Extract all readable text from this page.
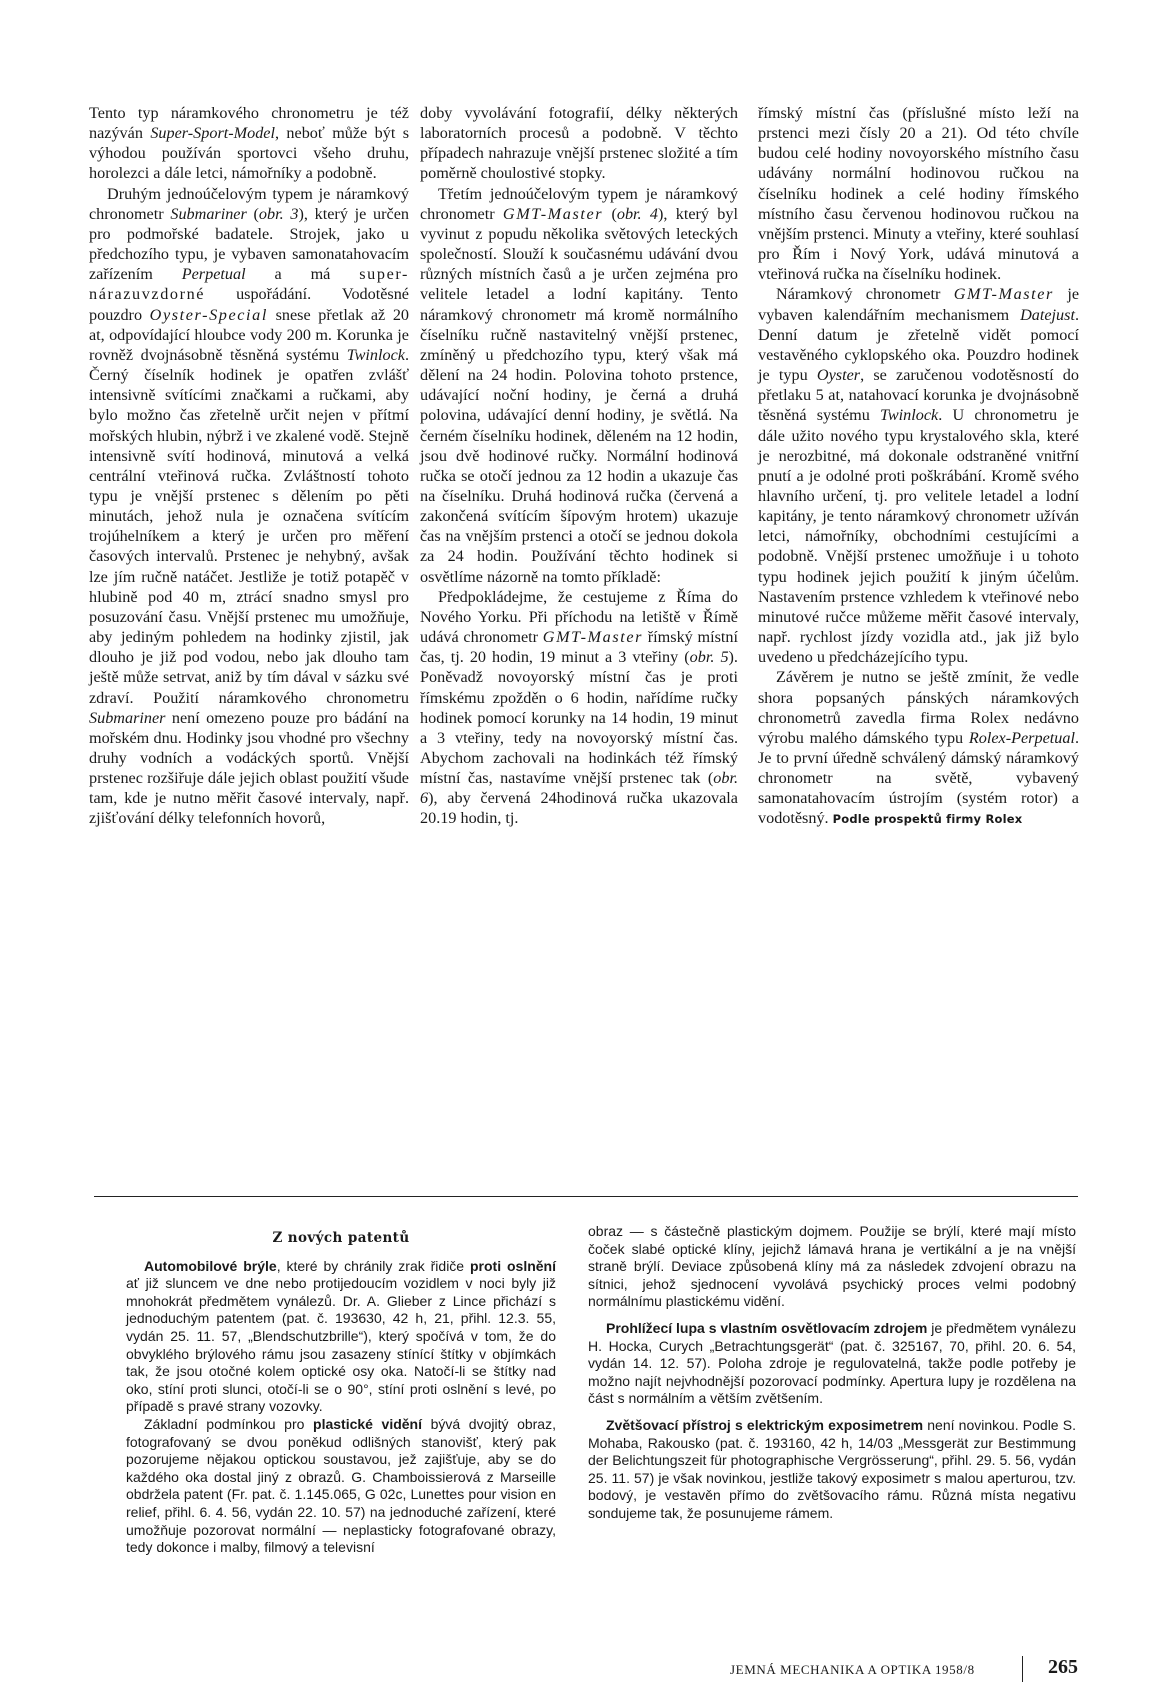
Tento typ náramkového chronometru je též nazýván Super-Sport-Model, neboť může být s výhodou používán sportovci všeho druhu, horolezci a dále letci, námořníky a podobně.

Druhým jednoúčelovým typem je náramkový chronometr Submariner (obr. 3), který je určen pro podmořské badatele. Strojek, jako u předchozího typu, je vybaven samonatahovacím zařízením Perpetual a má super-nárazuvzdorné uspořádání. Vodotěsné pouzdro Oyster-Special snese přetlak až 20 at, odpovídající hloubce vody 200 m. Korunka je rovněž dvojnásobně těsněná systému Twinlock. Černý číselník hodinek je opatřen zvlášť intensivně svítícími značkami a ručkami, aby bylo možno čas zřetelně určit nejen v přítmí mořských hlubin, nýbrž i ve zkalené vodě. Stejně intensivně svítí hodinová, minutová a velká centrální vteřinová ručka. Zvláštností tohoto typu je vnější prstenec s dělením po pěti minutách, jehož nula je označena svítícím trojúhelníkem a který je určen pro měření časových intervalů. Prstenec je nehybný, avšak lze jím ručně natáčet. Jestliže je totiž potapěč v hlubině pod 40 m, ztrácí snadno smysl pro posuzování času. Vnější prstenec mu umožňuje, aby jediným pohledem na hodinky zjistil, jak dlouho je již pod vodou, nebo jak dlouho tam ještě může setrvat, aniž by tím dával v sázku své zdraví. Použití náramkového chronometru Submariner není omezeno pouze pro bádání na mořském dnu. Hodinky jsou vhodné pro všechny druhy vodních a vodáckých sportů. Vnější prstenec rozšiřuje dále jejich oblast použití všude tam, kde je nutno měřit časové intervaly, např. zjišťování délky telefonních hovorů,

doby vyvolávání fotografií, délky některých laboratorních procesů a podobně. V těchto případech nahrazuje vnější prstenec složité a tím poměrně choulostivé stopky.

Třetím jednoúčelovým typem je náramkový chronometr GMT-Master (obr. 4), který byl vyvinut z popudu několika světových leteckých společností. Slouží k současnému udávání dvou různých místních časů a je určen zejména pro velitele letadel a lodní kapitány. Tento náramkový chronometr má kromě normálního číselníku ručně nastavitelný vnější prstenec, zmíněný u předchozího typu, který však má dělení na 24 hodin. Polovina tohoto prstence, udávající noční hodiny, je černá a druhá polovina, udávající denní hodiny, je světlá. Na černém číselníku hodinek, děleném na 12 hodin, jsou dvě hodinové ručky. Normální hodinová ručka se otočí jednou za 12 hodin a ukazuje čas na číselníku. Druhá hodinová ručka (červená a zakončená svítícím šípovým hrotem) ukazuje čas na vnějším prstenci a otočí se jednou dokola za 24 hodin. Používání těchto hodinek si osvětlíme názorně na tomto příkladě:

Předpokládejme, že cestujeme z Říma do Nového Yorku. Při příchodu na letiště v Římě udává chronometr GMT-Master římský místní čas, tj. 20 hodin, 19 minut a 3 vteřiny (obr. 5). Poněvadž novoyorský místní čas je proti římskému zpožděn o 6 hodin, nařídíme ručky hodinek pomocí korunky na 14 hodin, 19 minut a 3 vteřiny, tedy na novoyorský místní čas. Abychom zachovali na hodinkách též římský místní čas, nastavíme vnější prstenec tak (obr. 6), aby červená 24hodinová ručka ukazovala 20.19 hodin, tj.

římský místní čas (příslušné místo leží na prstenci mezi čísly 20 a 21). Od této chvíle budou celé hodiny novoyorského místního času udávány normální hodinovou ručkou na číselníku hodinek a celé hodiny římského místního času červenou hodinovou ručkou na vnějším prstenci. Minuty a vteřiny, které souhlasí pro Řím i Nový York, udává minutová a vteřinová ručka na číselníku hodinek.

Náramkový chronometr GMT-Master je vybaven kalendářním mechanismem Datejust. Denní datum je zřetelně vidět pomocí vestavěného cyklopského oka. Pouzdro hodinek je typu Oyster, se zaručenou vodotěsností do přetlaku 5 at, natahovací korunka je dvojnásobně těsněná systému Twinlock. U chronometru je dále užito nového typu krystalového skla, které je nerozbitné, má dokonale odstraněné vnitřní pnutí a je odolné proti poškrábání. Kromě svého hlavního určení, tj. pro velitele letadel a lodní kapitány, je tento náramkový chronometr užíván letci, námořníky, obchodními cestujícími a podobně. Vnější prstenec umožňuje i u tohoto typu hodinek jejich použití k jiným účelům. Nastavením prstence vzhledem k vteřinové nebo minutové ručce můžeme měřit časové intervaly, např. rychlost jízdy vozidla atd., jak již bylo uvedeno u předcházejícího typu.

Závěrem je nutno se ještě zmínit, že vedle shora popsaných pánských náramkových chronometrů zavedla firma Rolex nedávno výrobu malého dámského typu Rolex-Perpetual. Je to první úředně schválený dámský náramkový chronometr na světě, vybavený samonatahovacím ústrojím (systém rotor) a vodotěsný. Podle prospektů firmy Rolex

Z nových patentů

Automobilové brýle, které by chránily zrak řidiče proti oslnění ať již sluncem ve dne nebo protijedoucím vozidlem v noci byly již mnohokrát předmětem vynálezů. Dr. A. Glieber z Lince přichází s jednoduchým patentem (pat. č. 193630, 42 h, 21, přihl. 12.3. 55, vydán 25. 11. 57, „Blendschutzbrille“), který spočívá v tom, že do obvyklého brýlového rámu jsou zasazeny stínící štítky v objímkách tak, že jsou otočné kolem optické osy oka. Natočí-li se štítky nad oko, stíní proti slunci, otočí-li se o 90°, stíní proti oslnění s levé, po případě s pravé strany vozovky.

Základní podmínkou pro plastické vidění bývá dvojitý obraz, fotografovaný se dvou poněkud odlišných stanovišť, který pak pozorujeme nějakou optickou soustavou, jež zajišťuje, aby se do každého oka dostal jiný z obrazů. G. Chamboissierová z Marseille obdržela patent (Fr. pat. č. 1.145.065, G 02c, Lunettes pour vision en relief, přihl. 6. 4. 56, vydán 22. 10. 57) na jednoduché zařízení, které umožňuje pozorovat normální — neplasticky fotografované obrazy, tedy dokonce i malby, filmový a televisní

obraz — s částečně plastickým dojmem. Použije se brýlí, které mají místo čoček slabé optické klíny, jejichž lámavá hrana je vertikální a je na vnější straně brýlí. Deviace způsobená klíny má za následek zdvojení obrazu na sítnici, jehož sjednocení vyvolává psychický proces velmi podobný normálnímu plastickému vidění.

Prohlížecí lupa s vlastním osvětlovacím zdrojem je předmětem vynálezu H. Hocka, Curych „Betrachtungsgerät“ (pat. č. 325167, 70, přihl. 20. 6. 54, vydán 14. 12. 57). Poloha zdroje je regulovatelná, takže podle potřeby je možno najít nejvhodnější pozorovací podmínky. Apertura lupy je rozdělena na část s normálním a větším zvětšením.

Zvětšovací přístroj s elektrickým exposimetrem není novinkou. Podle S. Mohaba, Rakousko (pat. č. 193160, 42 h, 14/03 „Messgerät zur Bestimmung der Belichtungszeit für photographische Vergrösserung“, přihl. 29. 5. 56, vydán 25. 11. 57) je však novinkou, jestliže takový exposimetr s malou aperturou, tzv. bodový, je vestavěn přímo do zvětšovacího rámu. Různá místa negativu sondujeme tak, že posunujeme rámem.

JEMNÁ MECHANIKA A OPTIKA 1958/8	265
